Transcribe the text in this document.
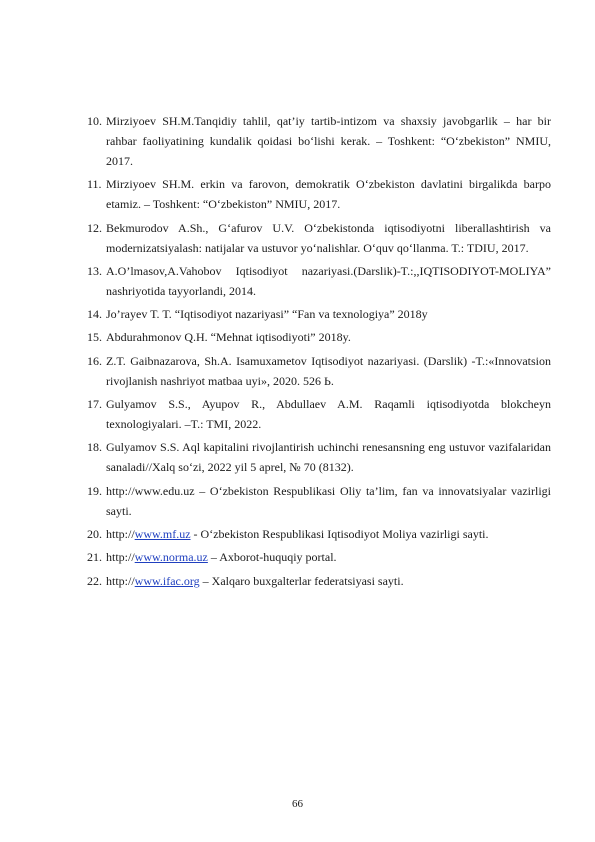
10. Mirziyoev SH.M.Tanqidiy tahlil, qat’iy tartib-intizom va shaxsiy javobgarlik – har bir rahbar faoliyatining kundalik qoidasi bo‘lishi kerak. – Toshkent: “O‘zbekiston” NMIU, 2017.
11. Mirziyoev SH.M. erkin va farovon, demokratik O‘zbekiston davlatini birgalikda barpo etamiz. – Toshkent: “O‘zbekiston” NMIU, 2017.
12. Bekmurodov A.Sh., G‘afurov U.V. O‘zbekistonda iqtisodiyotni liberallashtirish va modernizatsiyalash: natijalar va ustuvor yo‘nalishlar. O‘quv qo‘llanma. T.: TDIU, 2017.
13. A.O’lmasov,A.Vahobov Iqtisodiyot nazariyasi.(Darslik)-T.:,,IQTISODIYOT-MOLIYA” nashriyotida tayyorlandi, 2014.
14. Jo’rayev T. T. “Iqtisodiyot nazariyasi” “Fan va texnologiya” 2018y
15. Abdurahmonov Q.H. “Mehnat iqtisodiyoti” 2018y.
16. Z.T. Gaibnazarova, Sh.A. Isamuxametov Iqtisodiyot nazariyasi. (Darslik) -T.:«Innovatsion rivojlanish nashriyot matbaa uyi», 2020. 526 Ь.
17. Gulyamov S.S., Ayupov R., Abdullaev A.M. Raqamli iqtisodiyotda blokcheyn texnologiyalari. –T.: TMI, 2022.
18. Gulyamov S.S. Aql kapitalini rivojlantirish uchinchi renesansning eng ustuvor vazifalaridan sanaladi//Xalq so‘zi, 2022 yil 5 aprel, № 70 (8132).
19. http://www.edu.uz – O‘zbekiston Respublikasi Oliy ta’lim, fan va innovatsiyalar vazirligi sayti.
20. http://www.mf.uz - O‘zbekiston Respublikasi Iqtisodiyot Moliya vazirligi sayti.
21. http://www.norma.uz – Axborot-huquqiy portal.
22. http://www.ifac.org – Xalqaro buxgalterlar federatsiyasi sayti.
66
